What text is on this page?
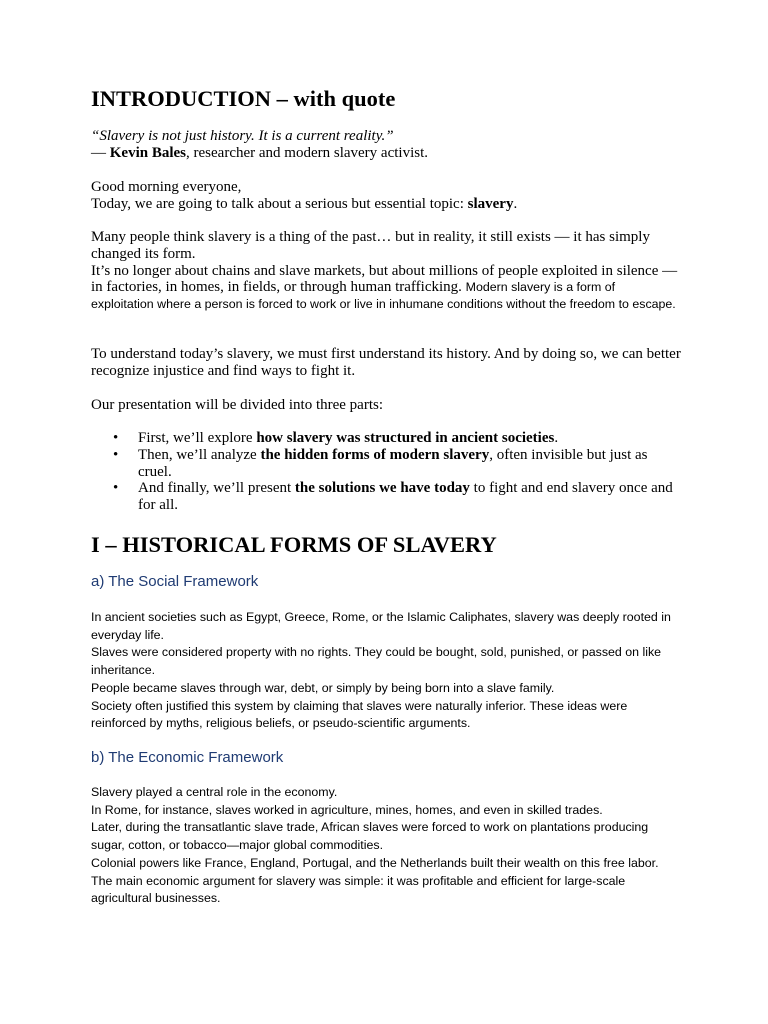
INTRODUCTION – with quote

“Slavery is not just history. It is a current reality.”
— Kevin Bales, researcher and modern slavery activist.

Good morning everyone,
Today, we are going to talk about a serious but essential topic: slavery.

Many people think slavery is a thing of the past… but in reality, it still exists — it has simply changed its form.
It’s no longer about chains and slave markets, but about millions of people exploited in silence — in factories, in homes, in fields, or through human trafficking. Modern slavery is a form of exploitation where a person is forced to work or live in inhumane conditions without the freedom to escape.

To understand today’s slavery, we must first understand its history. And by doing so, we can better recognize injustice and find ways to fight it.

Our presentation will be divided into three parts:

• First, we’ll explore how slavery was structured in ancient societies.
• Then, we’ll analyze the hidden forms of modern slavery, often invisible but just as cruel.
• And finally, we’ll present the solutions we have today to fight and end slavery once and for all.
I – HISTORICAL FORMS OF SLAVERY
a) The Social Framework

In ancient societies such as Egypt, Greece, Rome, or the Islamic Caliphates, slavery was deeply rooted in everyday life.
Slaves were considered property with no rights. They could be bought, sold, punished, or passed on like inheritance.
People became slaves through war, debt, or simply by being born into a slave family.
Society often justified this system by claiming that slaves were naturally inferior. These ideas were reinforced by myths, religious beliefs, or pseudo-scientific arguments.

b) The Economic Framework

Slavery played a central role in the economy.
In Rome, for instance, slaves worked in agriculture, mines, homes, and even in skilled trades.
Later, during the transatlantic slave trade, African slaves were forced to work on plantations producing sugar, cotton, or tobacco—major global commodities.
Colonial powers like France, England, Portugal, and the Netherlands built their wealth on this free labor.
The main economic argument for slavery was simple: it was profitable and efficient for large-scale agricultural businesses.
